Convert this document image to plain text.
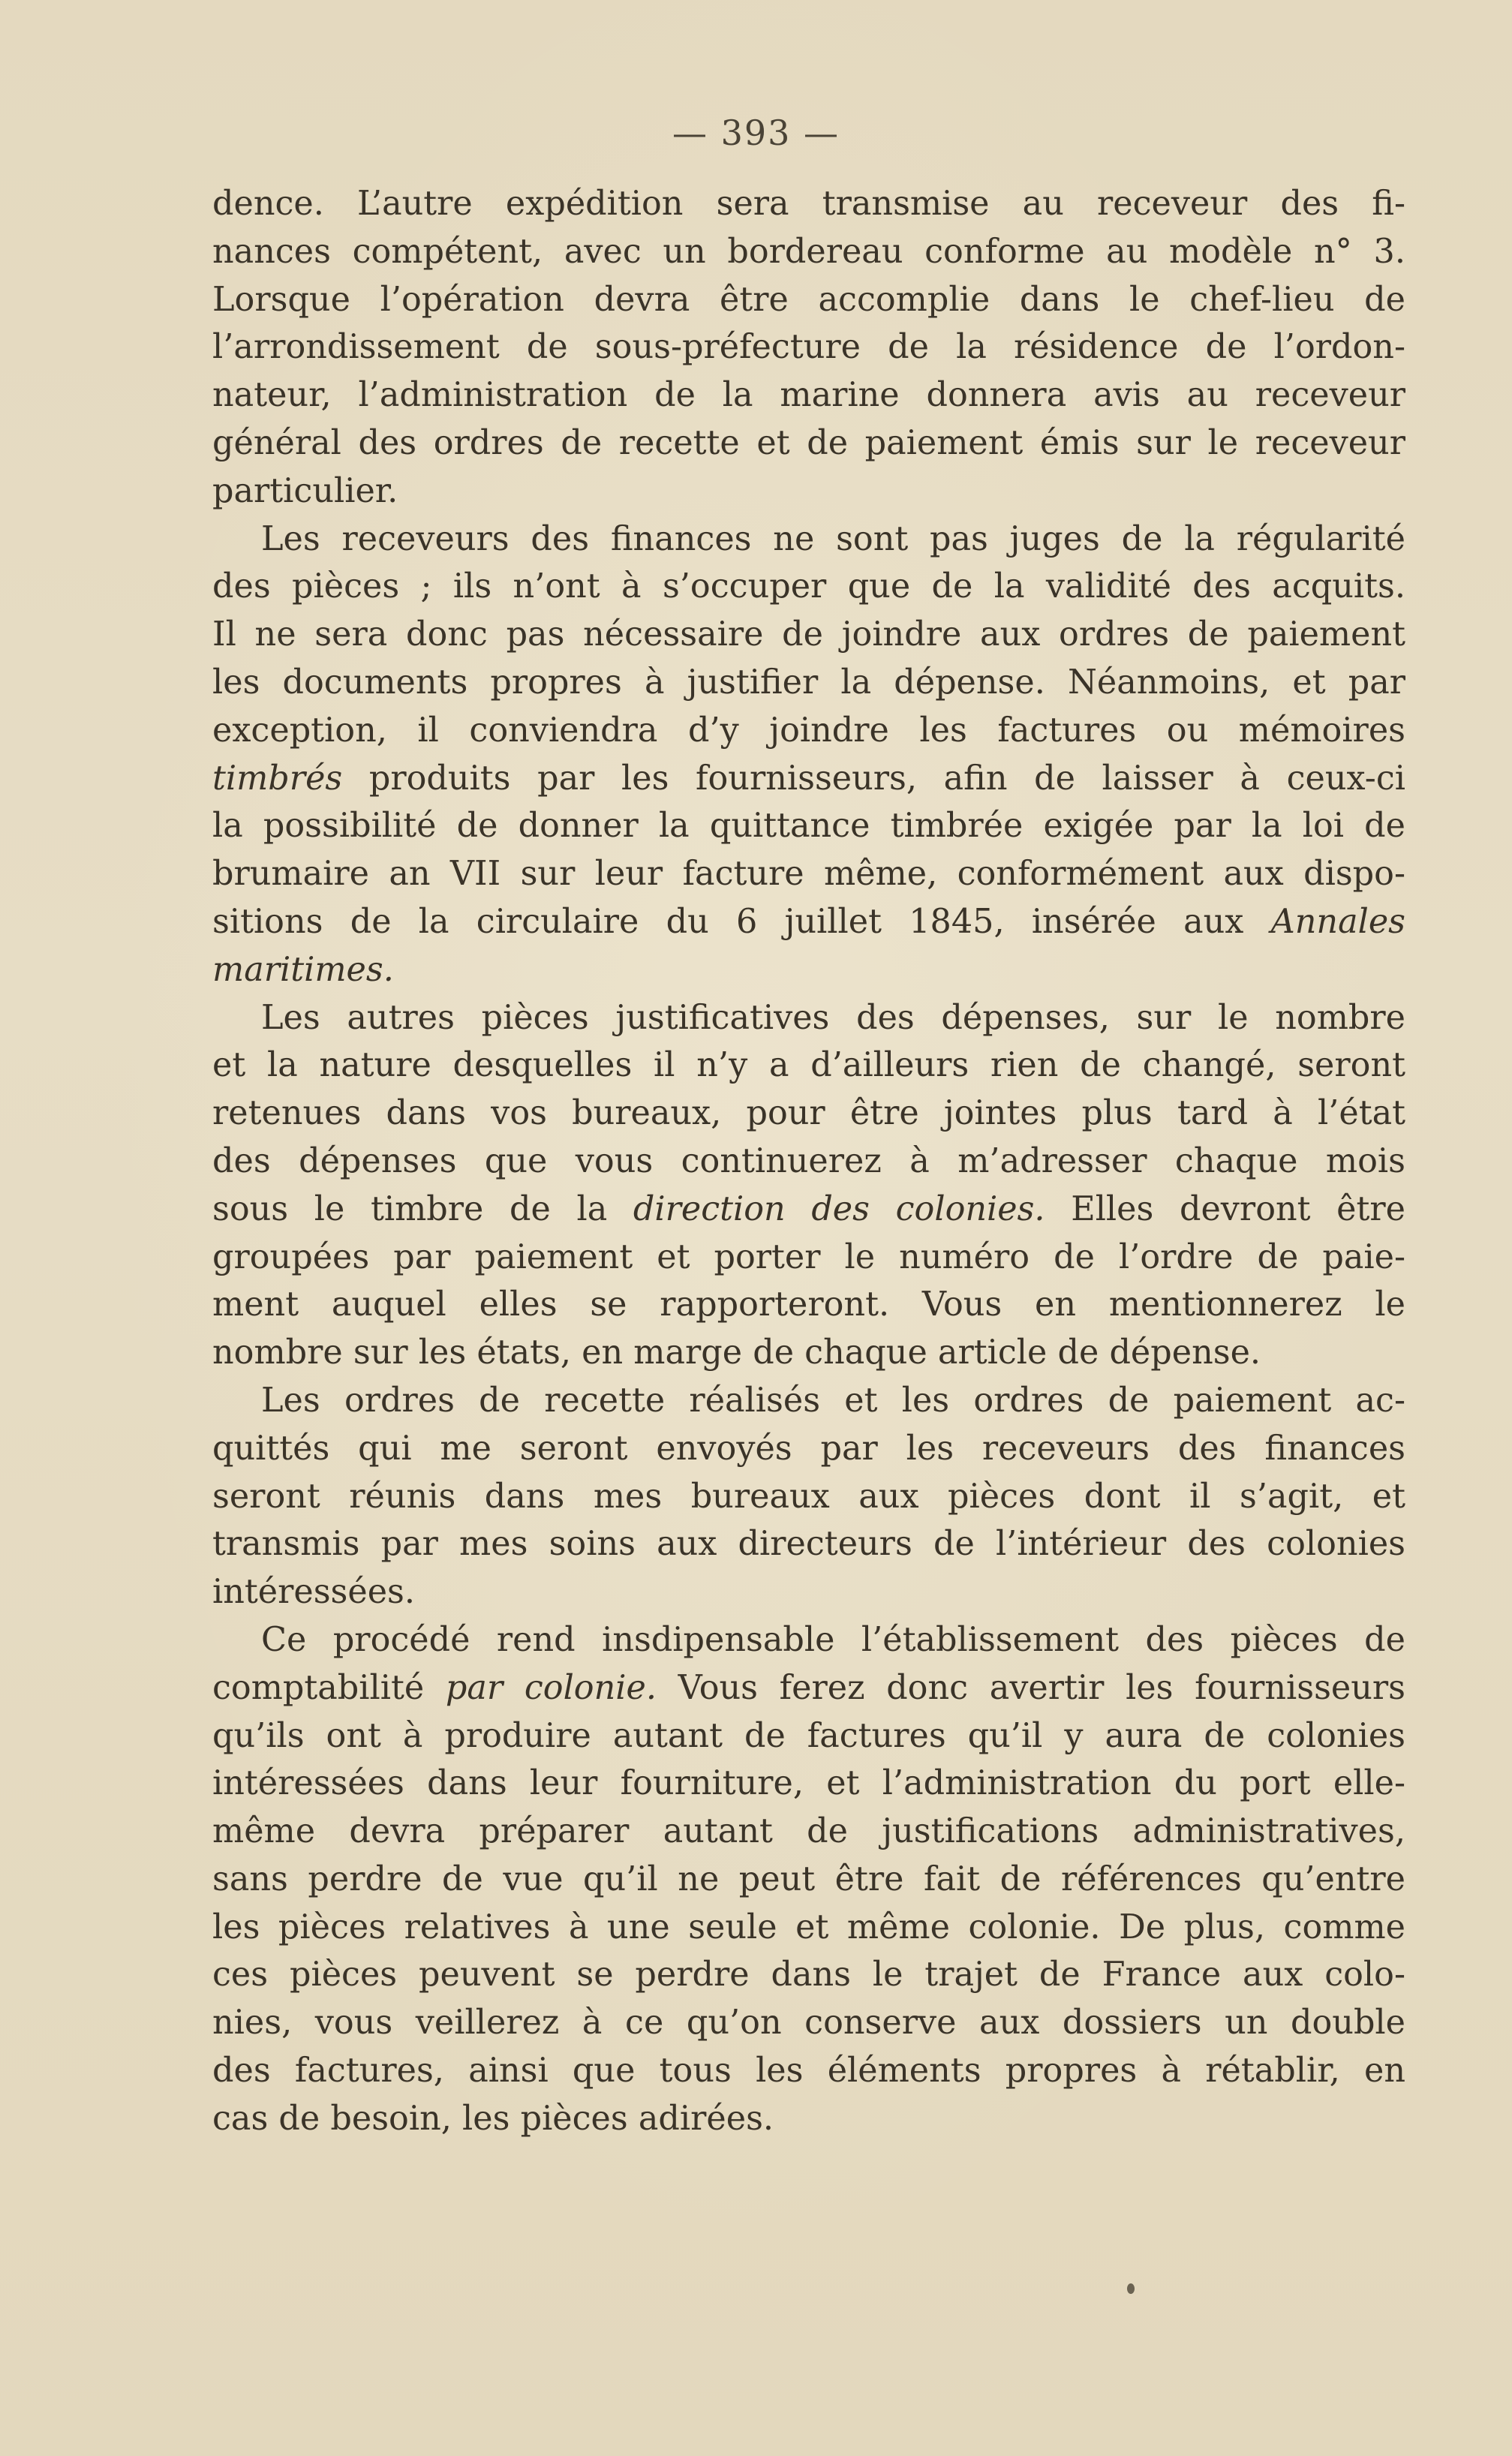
— 393 —
dence. L’autre expédition sera transmise au receveur des fi-
nances compétent, avec un bordereau conforme au modèle n° 3.
Lorsque l’opération devra être accomplie dans le chef-lieu de
l’arrondissement de sous-préfecture de la résidence de l’ordon-
nateur, l’administration de la marine donnera avis au receveur
général des ordres de recette et de paiement émis sur le receveur
particulier.
Les receveurs des finances ne sont pas juges de la régularité
des pièces ; ils n’ont à s’occuper que de la validité des acquits.
Il ne sera donc pas nécessaire de joindre aux ordres de paiement
les documents propres à justifier la dépense. Néanmoins, et par
exception, il conviendra d’y joindre les factures ou mémoires
timbrés produits par les fournisseurs, afin de laisser à ceux-ci
la possibilité de donner la quittance timbrée exigée par la loi de
brumaire an VII sur leur facture même, conformément aux dispo-
sitions de la circulaire du 6 juillet 1845, insérée aux Annales
maritimes.
Les autres pièces justificatives des dépenses, sur le nombre
et la nature desquelles il n’y a d’ailleurs rien de changé, seront
retenues dans vos bureaux, pour être jointes plus tard à l’état
des dépenses que vous continuerez à m’adresser chaque mois
sous le timbre de la direction des colonies. Elles devront être
groupées par paiement et porter le numéro de l’ordre de paie-
ment auquel elles se rapporteront. Vous en mentionnerez le
nombre sur les états, en marge de chaque article de dépense.
Les ordres de recette réalisés et les ordres de paiement ac-
quittés qui me seront envoyés par les receveurs des finances
seront réunis dans mes bureaux aux pièces dont il s’agit, et
transmis par mes soins aux directeurs de l’intérieur des colonies
intéressées.
Ce procédé rend insdipensable l’établissement des pièces de
comptabilité par colonie. Vous ferez donc avertir les fournisseurs
qu’ils ont à produire autant de factures qu’il y aura de colonies
intéressées dans leur fourniture, et l’administration du port elle-
même devra préparer autant de justifications administratives,
sans perdre de vue qu’il ne peut être fait de références qu’entre
les pièces relatives à une seule et même colonie. De plus, comme
ces pièces peuvent se perdre dans le trajet de France aux colo-
nies, vous veillerez à ce qu’on conserve aux dossiers un double
des factures, ainsi que tous les éléments propres à rétablir, en
cas de besoin, les pièces adirées.
